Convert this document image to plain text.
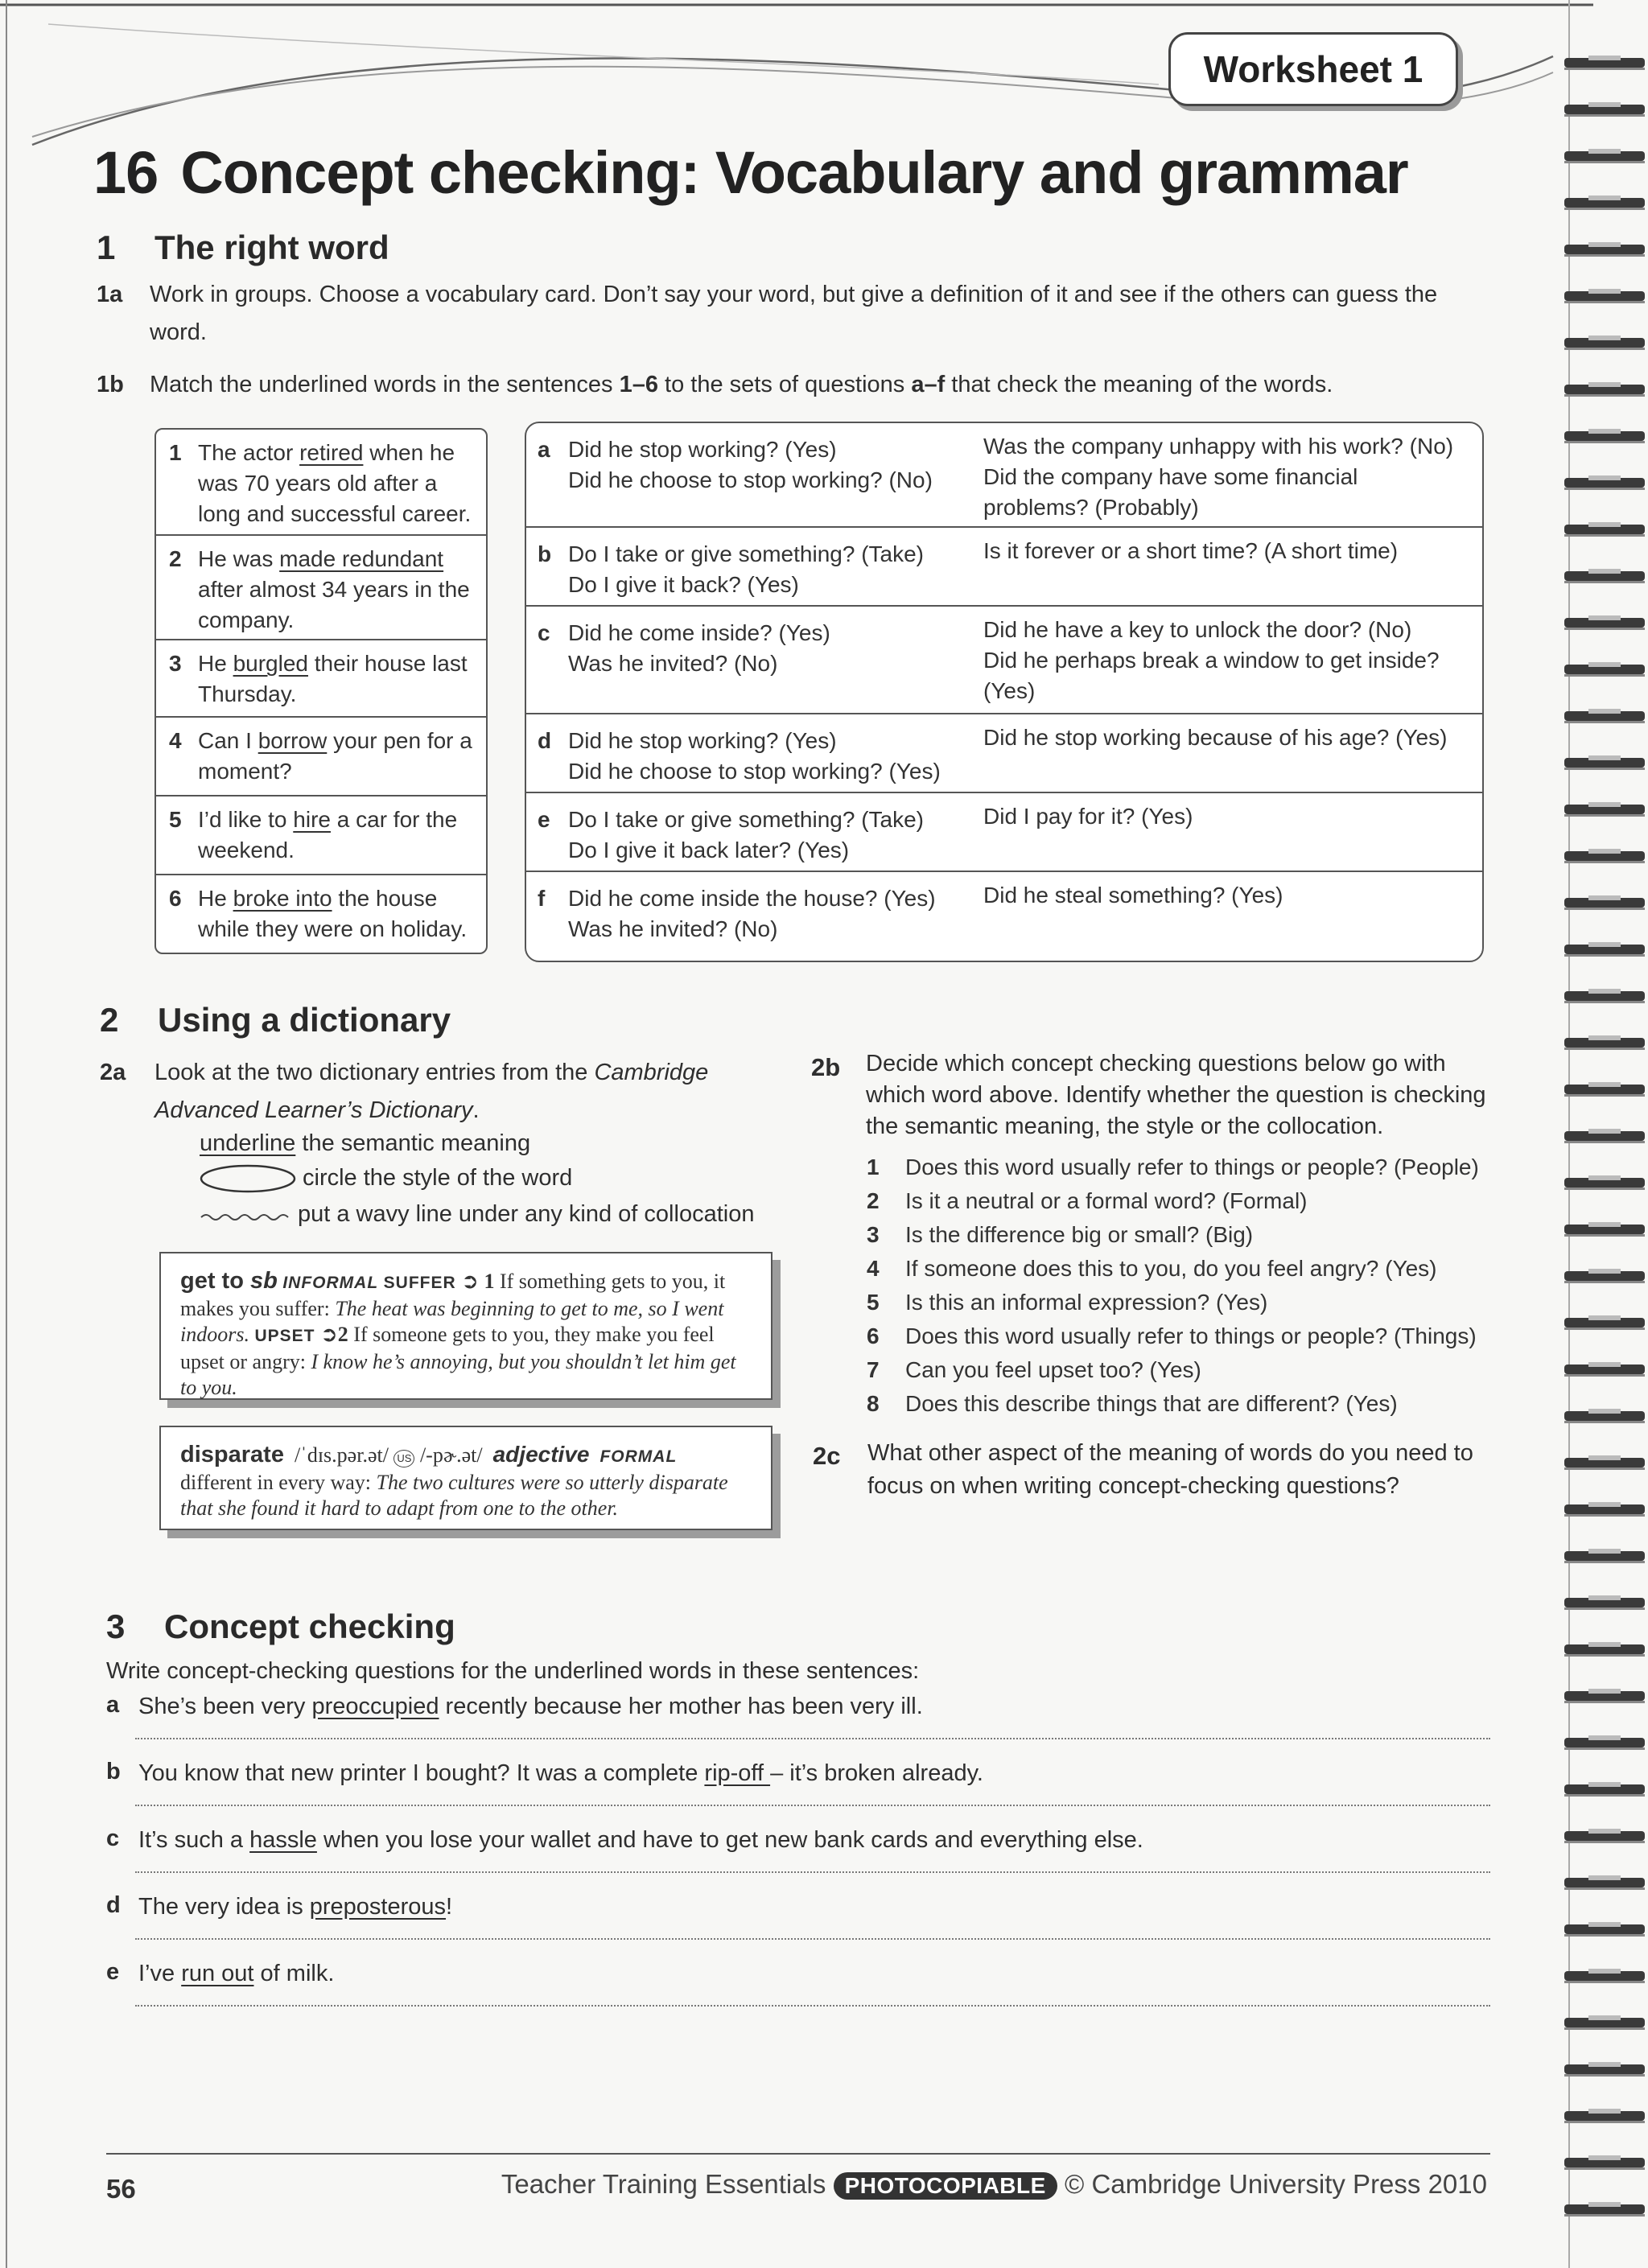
Worksheet 1
16 Concept checking: Vocabulary and grammar
1 The right word
1a Work in groups. Choose a vocabulary card. Don’t say your word, but give a definition of it and see if the others can guess the word.
1b Match the underlined words in the sentences 1–6 to the sets of questions a–f that check the meaning of the words.
1 The actor retired when he was 70 years old after a long and successful career.
2 He was made redundant after almost 34 years in the company.
3 He burgled their house last Thursday.
4 Can I borrow your pen for a moment?
5 I’d like to hire a car for the weekend.
6 He broke into the house while they were on holiday.
a Did he stop working? (Yes)
Did he choose to stop working? (No)
Was the company unhappy with his work? (No)
Did the company have some financial problems? (Probably)
b Do I take or give something? (Take)
Do I give it back? (Yes)
Is it forever or a short time? (A short time)
c Did he come inside? (Yes)
Was he invited? (No)
Did he have a key to unlock the door? (No)
Did he perhaps break a window to get inside? (Yes)
d Did he stop working? (Yes)
Did he choose to stop working? (Yes)
Did he stop working because of his age? (Yes)
e Do I take or give something? (Take)
Do I give it back later? (Yes)
Did I pay for it? (Yes)
f Did he come inside the house? (Yes)
Was he invited? (No)
Did he steal something? (Yes)
2 Using a dictionary
2a Look at the two dictionary entries from the Cambridge Advanced Learner’s Dictionary.
underline the semantic meaning
circle the style of the word
put a wavy line under any kind of collocation
get to sb INFORMAL SUFFER ➲ 1 If something gets to you, it makes you suffer: The heat was beginning to get to me, so I went indoors. UPSET ➲2 If someone gets to you, they make you feel upset or angry: I know he’s annoying, but you shouldn’t let him get to you.
disparate /ˈdɪs.pər.ət/ US /-pɚ.ət/ adjective FORMAL
different in every way: The two cultures were so utterly disparate that she found it hard to adapt from one to the other.
2b Decide which concept checking questions below go with which word above. Identify whether the question is checking the semantic meaning, the style or the collocation.
1 Does this word usually refer to things or people? (People)
2 Is it a neutral or a formal word? (Formal)
3 Is the difference big or small? (Big)
4 If someone does this to you, do you feel angry? (Yes)
5 Is this an informal expression? (Yes)
6 Does this word usually refer to things or people? (Things)
7 Can you feel upset too? (Yes)
8 Does this describe things that are different? (Yes)
2c What other aspect of the meaning of words do you need to focus on when writing concept-checking questions?
3 Concept checking
Write concept-checking questions for the underlined words in these sentences:
a She’s been very preoccupied recently because her mother has been very ill.
b You know that new printer I bought? It was a complete rip-off – it’s broken already.
c It’s such a hassle when you lose your wallet and have to get new bank cards and everything else.
d The very idea is preposterous!
e I’ve run out of milk.
56	Teacher Training Essentials PHOTOCOPIABLE © Cambridge University Press 2010
